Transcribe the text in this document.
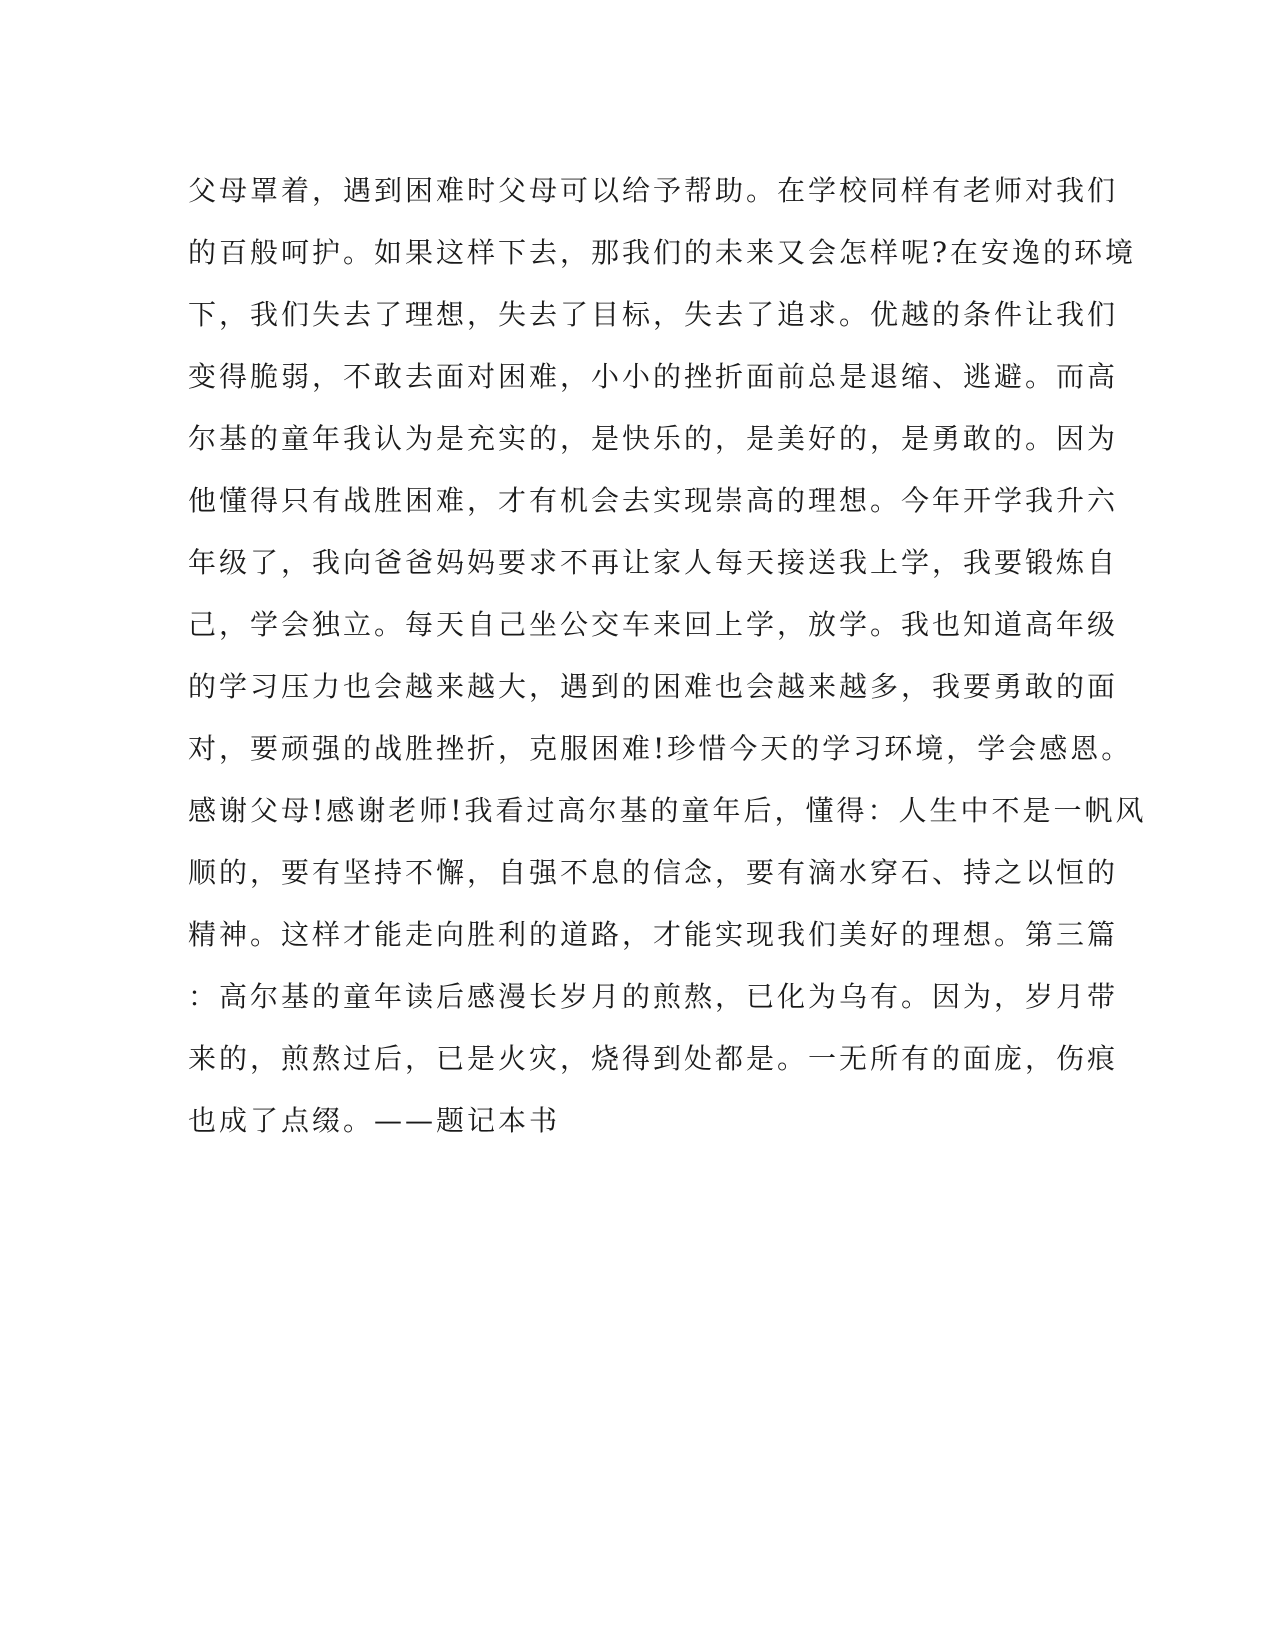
父母罩着，遇到困难时父母可以给予帮助。在学校同样有老师对我们
的百般呵护。如果这样下去，那我们的未来又会怎样呢?在安逸的环境
下，我们失去了理想，失去了目标，失去了追求。优越的条件让我们
变得脆弱，不敢去面对困难，小小的挫折面前总是退缩、逃避。而高
尔基的童年我认为是充实的，是快乐的，是美好的，是勇敢的。因为
他懂得只有战胜困难，才有机会去实现崇高的理想。今年开学我升六
年级了，我向爸爸妈妈要求不再让家人每天接送我上学，我要锻炼自
己，学会独立。每天自己坐公交车来回上学，放学。我也知道高年级
的学习压力也会越来越大，遇到的困难也会越来越多，我要勇敢的面
对，要顽强的战胜挫折，克服困难!珍惜今天的学习环境，学会感恩。
感谢父母!感谢老师!我看过高尔基的童年后，懂得：人生中不是一帆风
顺的，要有坚持不懈，自强不息的信念，要有滴水穿石、持之以恒的
精神。这样才能走向胜利的道路，才能实现我们美好的理想。第三篇
：高尔基的童年读后感漫长岁月的煎熬，已化为乌有。因为，岁月带
来的，煎熬过后，已是火灾，烧得到处都是。一无所有的面庞，伤痕
也成了点缀。——题记本书
